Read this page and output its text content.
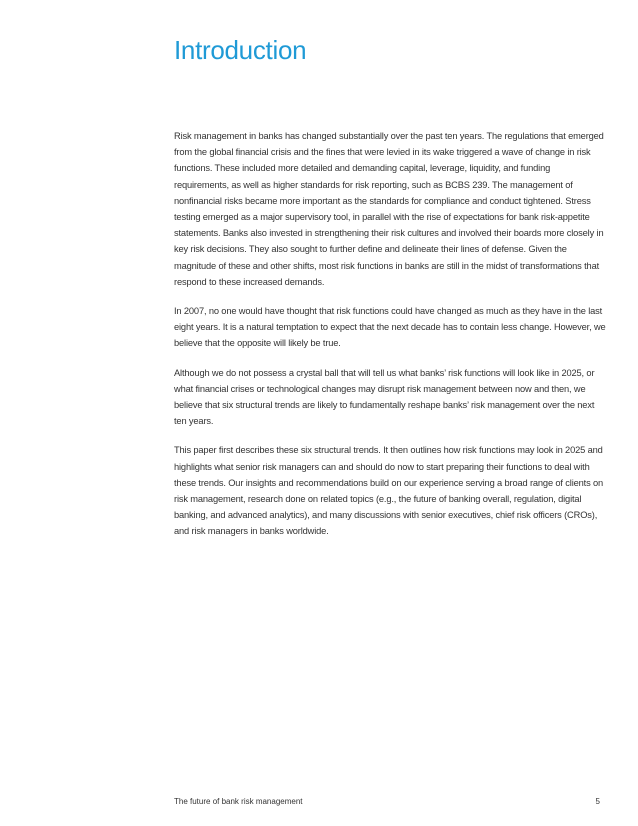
Introduction

Risk management in banks has changed substantially over the past ten years. The regulations that emerged from the global financial crisis and the fines that were levied in its wake triggered a wave of change in risk functions. These included more detailed and demanding capital, leverage, liquidity, and funding requirements, as well as higher standards for risk reporting, such as BCBS 239. The management of nonfinancial risks became more important as the standards for compliance and conduct tightened. Stress testing emerged as a major supervisory tool, in parallel with the rise of expectations for bank risk-appetite statements. Banks also invested in strengthening their risk cultures and involved their boards more closely in key risk decisions. They also sought to further define and delineate their lines of defense. Given the magnitude of these and other shifts, most risk functions in banks are still in the midst of transformations that respond to these increased demands.

In 2007, no one would have thought that risk functions could have changed as much as they have in the last eight years. It is a natural temptation to expect that the next decade has to contain less change. However, we believe that the opposite will likely be true.

Although we do not possess a crystal ball that will tell us what banks’ risk functions will look like in 2025, or what financial crises or technological changes may disrupt risk management between now and then, we believe that six structural trends are likely to fundamentally reshape banks’ risk management over the next ten years.

This paper first describes these six structural trends. It then outlines how risk functions may look in 2025 and highlights what senior risk managers can and should do now to start preparing their functions to deal with these trends. Our insights and recommendations build on our experience serving a broad range of clients on risk management, research done on related topics (e.g., the future of banking overall, regulation, digital banking, and advanced analytics), and many discussions with senior executives, chief risk officers (CROs), and risk managers in banks worldwide.

The future of bank risk management	5
